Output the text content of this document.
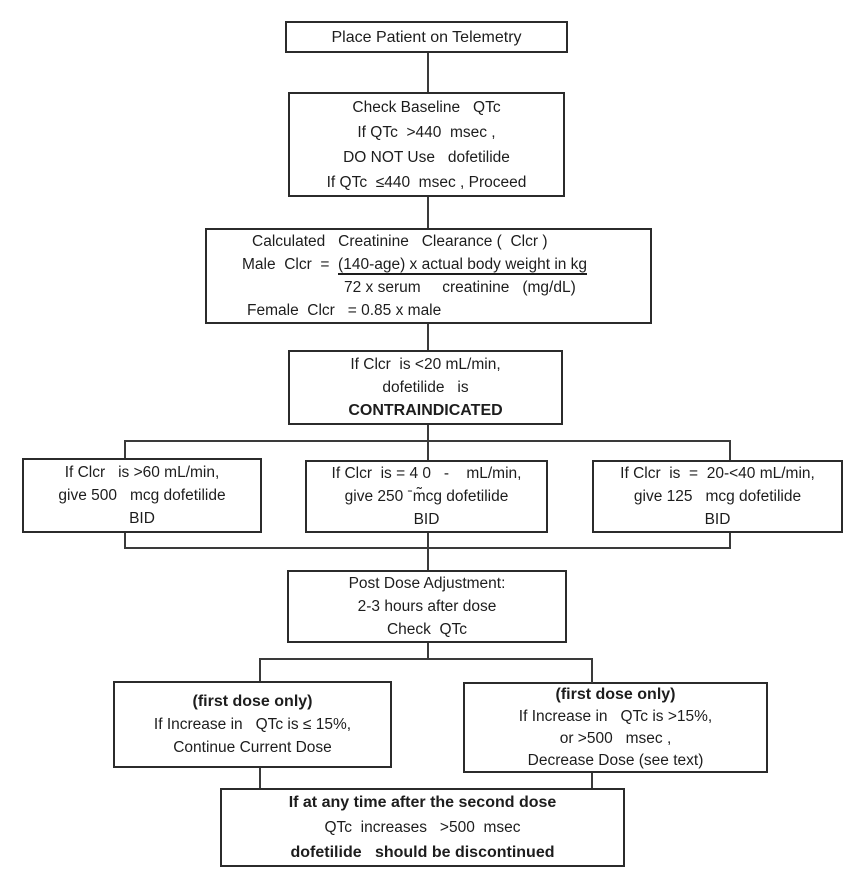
Place Patient on Telemetry
Check Baseline   QTc
If QTc  >440  msec ,
DO NOT Use   dofetilide
If QTc  ≤440  msec , Proceed
Calculated   Creatinine   Clearance (  Clcr )
Male  Clcr  =  (140-age) x actual body weight in kg
72 x serum     creatinine   (mg/dL)
Female  Clcr   = 0.85 x male
If Clcr  is <20 mL/min,
dofetilide   is
CONTRAINDICATED
If Clcr   is >60 mL/min,
give 500   mcg dofetilide
BID
If Clcr  is = 4 0   -    mL/min,
give 250 ˉm̃cg dofetilide
BID
If Clcr  is  =  20-<40 mL/min,
give 125   mcg dofetilide
BID
Post Dose Adjustment:
2-3 hours after dose
Check  QTc
(first dose only)
If Increase in   QTc is ≤ 15%,
Continue Current Dose
(first dose only)
If Increase in   QTc is >15%,
or >500   msec ,
Decrease Dose (see text)
If at any time after the second dose
QTc  increases   >500  msec
dofetilide   should be discontinued
